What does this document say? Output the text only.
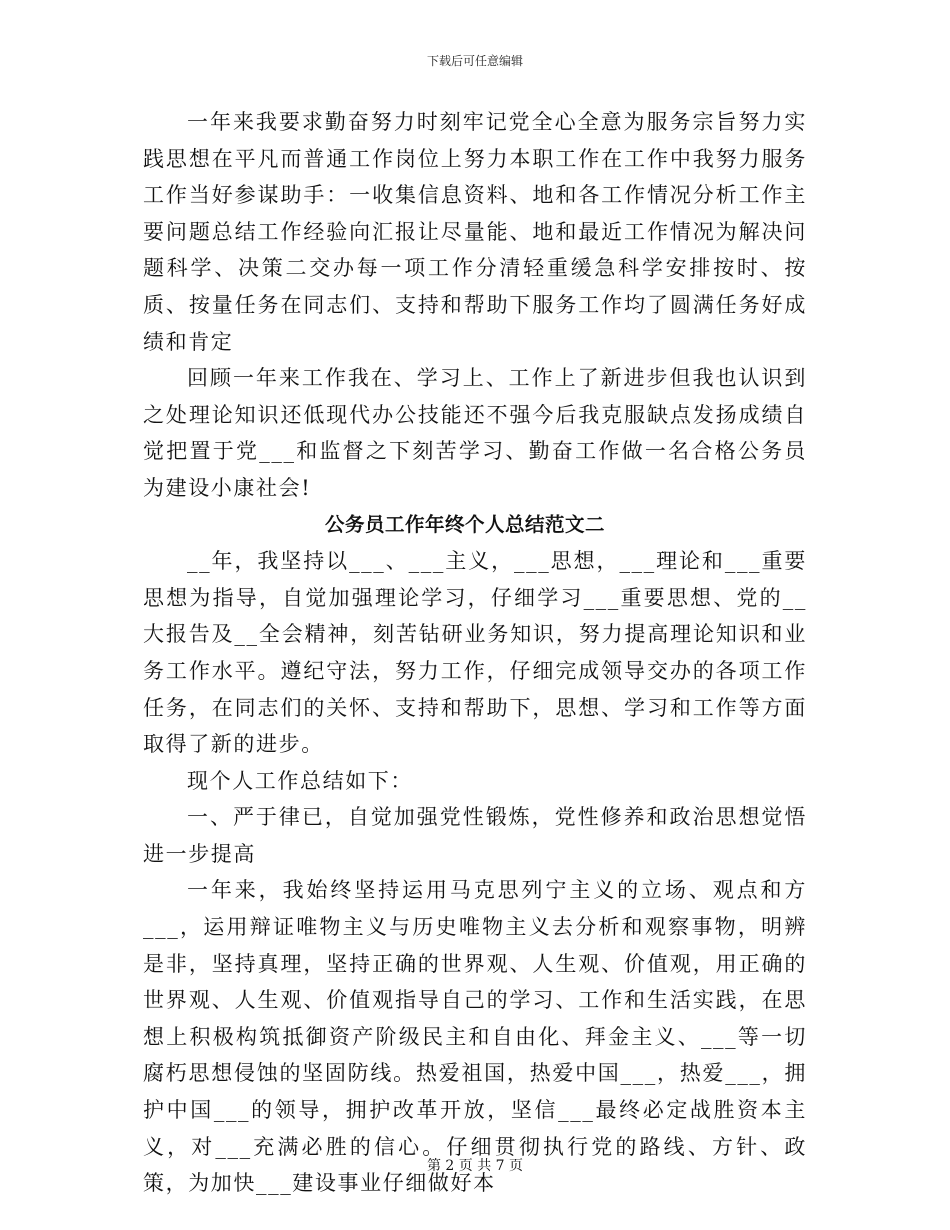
下载后可任意编辑

一年来我要求勤奋努力时刻牢记党全心全意为服务宗旨努力实践思想在平凡而普通工作岗位上努力本职工作在工作中我努力服务工作当好参谋助手：一收集信息资料、地和各工作情况分析工作主要问题总结工作经验向汇报让尽量能、地和最近工作情况为解决问题科学、决策二交办每一项工作分清轻重缓急科学安排按时、按质、按量任务在同志们、支持和帮助下服务工作均了圆满任务好成绩和肯定

回顾一年来工作我在、学习上、工作上了新进步但我也认识到之处理论知识还低现代办公技能还不强今后我克服缺点发扬成绩自觉把置于党___和监督之下刻苦学习、勤奋工作做一名合格公务员为建设小康社会!

公务员工作年终个人总结范文二

__年，我坚持以___、___主义，___思想，___理论和___重要思想为指导，自觉加强理论学习，仔细学习___重要思想、党的__大报告及__全会精神，刻苦钻研业务知识，努力提高理论知识和业务工作水平。遵纪守法，努力工作，仔细完成领导交办的各项工作任务，在同志们的关怀、支持和帮助下，思想、学习和工作等方面取得了新的进步。

现个人工作总结如下：

一、严于律已，自觉加强党性锻炼，党性修养和政治思想觉悟进一步提高

一年来，我始终坚持运用马克思列宁主义的立场、观点和方___，运用辩证唯物主义与历史唯物主义去分析和观察事物，明辨是非，坚持真理，坚持正确的世界观、人生观、价值观，用正确的世界观、人生观、价值观指导自己的学习、工作和生活实践，在思想上积极构筑抵御资产阶级民主和自由化、拜金主义、___等一切腐朽思想侵蚀的坚固防线。热爱祖国，热爱中国___，热爱___，拥护中国___的领导，拥护改革开放，坚信___最终必定战胜资本主义，对___充满必胜的信心。仔细贯彻执行党的路线、方针、政策，为加快___建设事业仔细做好本

第 2 页 共 7 页
